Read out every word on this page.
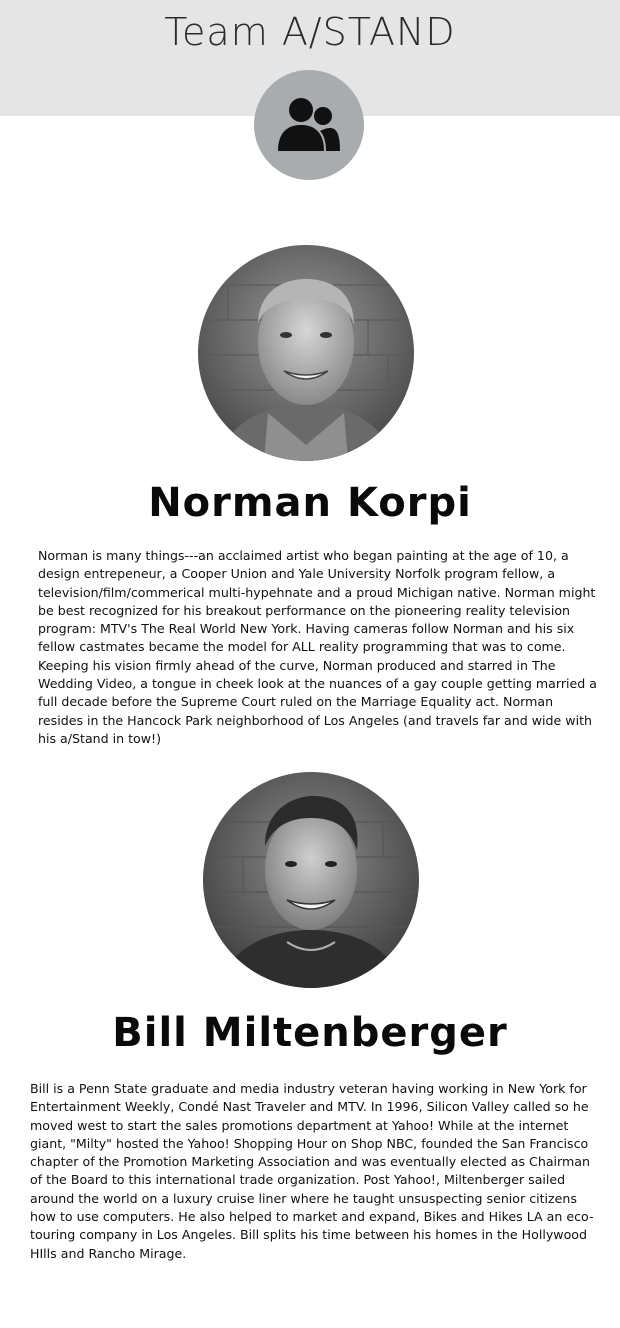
Team A/STAND
Norman Korpi
Norman is many things---an acclaimed artist who began painting at the age of 10, a design entrepeneur, a Cooper Union and Yale University Norfolk program fellow, a television/film/commerical multi-hypehnate and a proud Michigan native. Norman might be best recognized for his breakout performance on the pioneering reality television program: MTV's The Real World New York. Having cameras follow Norman and his six fellow castmates became the model for ALL reality programming that was to come. Keeping his vision firmly ahead of the curve, Norman produced and starred in The Wedding Video, a tongue in cheek look at the nuances of a gay couple getting married a full decade before the Supreme Court ruled on the Marriage Equality act. Norman resides in the Hancock Park neighborhood of Los Angeles (and travels far and wide with his a/Stand in tow!)
Bill Miltenberger
Bill is a Penn State graduate and media industry veteran having working in New York for Entertainment Weekly, Condé Nast Traveler and MTV. In 1996, Silicon Valley called so he moved west to start the sales promotions department at Yahoo! While at the internet giant, "Milty" hosted the Yahoo! Shopping Hour on Shop NBC, founded the San Francisco chapter of the Promotion Marketing Association and was eventually elected as Chairman of the Board to this international trade organization. Post Yahoo!, Miltenberger sailed around the world on a luxury cruise liner where he taught unsuspecting senior citizens how to use computers. He also helped to market and expand, Bikes and Hikes LA an eco-touring company in Los Angeles. Bill splits his time between his homes in the Hollywood HIlls and Rancho Mirage.
